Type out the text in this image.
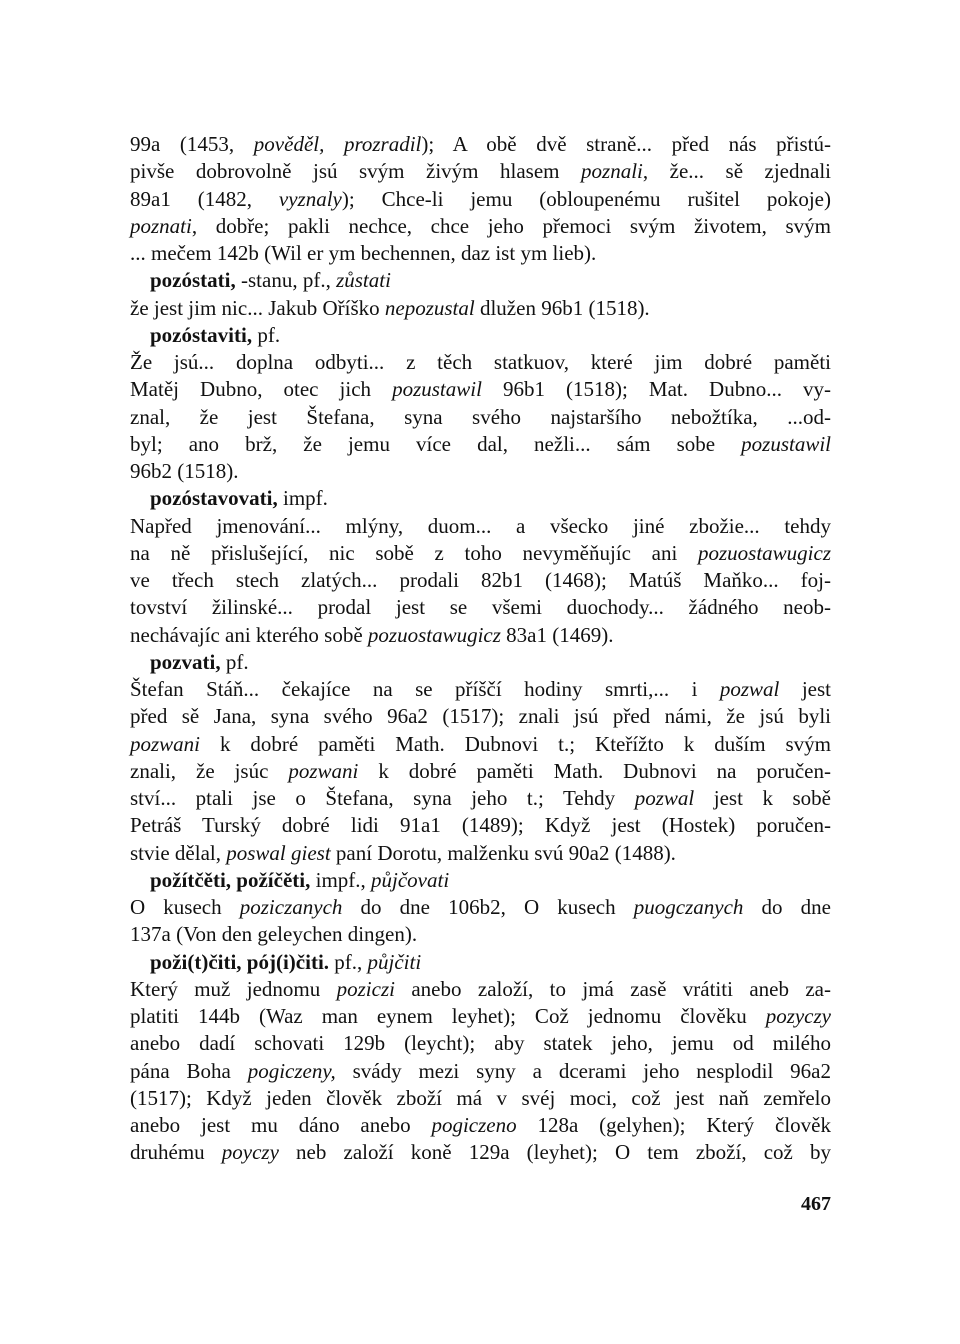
99a (1453, pověděl, prozradil); A obě dvě straně... před nás přistú-
pivše dobrovolně jsú svým živým hlasem poznali, že... sě zjednali
89a1 (1482, vyznaly); Chce-li jemu (obloupenému rušitel pokoje)
poznati, dobře; pakli nechce, chce jeho přemoci svým životem, svým
... mečem 142b (Wil er ym bechennen, daz ist ym lieb).
pozóstati, -stanu, pf., zůstati
že jest jim nic... Jakub Oříško nepozustal dlužen 96b1 (1518).
pozóstaviti, pf.
Že jsú... doplna odbyti... z těch statkuov, které jim dobré paměti
Matěj Dubno, otec jich pozustawil 96b1 (1518); Mat. Dubno... vy-
znal, že jest Štefana, syna svého najstaršího nebožtíka, ...od-
byl; ano brž, že jemu více dal, nežli... sám sobe pozustawil
96b2 (1518).
pozóstavovati, impf.
Napřed jmenování... mlýny, duom... a všecko jiné zbožie... tehdy
na ně přislušející, nic sobě z toho nevyměňujíc ani pozuostawugicz
ve třech stech zlatých... prodali 82b1 (1468); Matúš Maňko... foj-
tovství žilinské... prodal jest se všemi duochody... žádného neob-
nechávajíc ani kterého sobě pozuostawugicz 83a1 (1469).
pozvati, pf.
Štefan Stáň... čekajíce na se příščí hodiny smrti,... i pozwal jest
před sě Jana, syna svého 96a2 (1517); znali jsú před námi, že jsú byli
pozwani k dobré paměti Math. Dubnovi t.; Kteřížto k duším svým
znali, že jsúc pozwani k dobré paměti Math. Dubnovi na poručen-
ství... ptali jse o Štefana, syna jeho t.; Tehdy pozwal jest k sobě
Petráš Turský dobré lidi 91a1 (1489); Když jest (Hostek) poručen-
stvie dělal, poswal giest paní Dorotu, malženku svú 90a2 (1488).
požítčěti, požíčěti, impf., půjčovati
O kusech poziczanych do dne 106b2, O kusech puogczanych do dne
137a (Von den geleychen dingen).
poži(t)čiti, pój(i)čiti. pf., půjčiti
Který muž jednomu poziczi anebo založí, to jmá zasě vrátiti aneb za-
platiti 144b (Waz man eynem leyhet); Což jednomu člověku pozyczy
anebo dadí schovati 129b (leycht); aby statek jeho, jemu od milého
pána Boha pogiczeny, svády mezi syny a dcerami jeho nesplodil 96a2
(1517); Když jeden člověk zboží má v svéj moci, což jest naň zemřelo
anebo jest mu dáno anebo pogiczeno 128a (gelyhen); Který člověk
druhému poyczy neb založí koně 129a (leyhet); O tem zboží, což by
467
